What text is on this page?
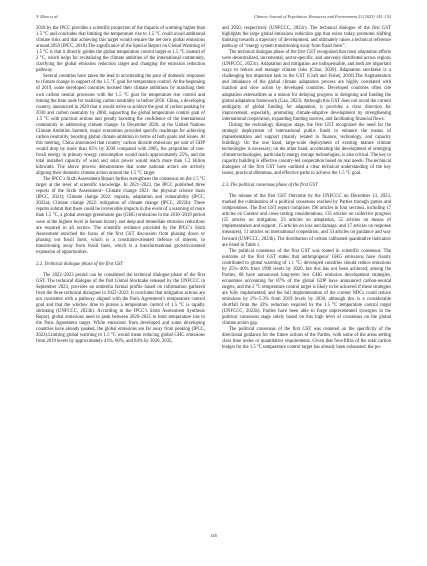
Y. Zhou et al.	Chinese Journal of Population, Resources and Environment 23 (2025) 143–152

2018 by the IPCC provides a scientific projection of the impacts of warming higher than 1.5 °C and concludes that limiting the temperature rise to 1.5 °C could avoid additional climate risks and that achieving this target would require the net-zero global emissions around 2050 (IPCC, 2018).The significance of the Special Report on Global Warming of 1.5 °C is that it directly guides the global temperature control target to 1.5 °C instead of 2 °C, which helps for revitalizing the climate ambition of the international community, clarifying the global emission reduction target and changing the emission reduction pathway.

Several countries have taken the lead in accelerating the pace of domestic responses to climate change in support of the 1.5 °C goal for temperature control. At the beginning of 2019, some developed countries boosted their climate ambitions by matching their own carbon neutral processes with the 1.5 °C goal for temperature rise control and mining the time node for realizing carbon neutrality to before 2050. China, a developing country, announced in 2020 that it would strive to achieve the goal of carbon peaking by 2030 and carbon neutrality by 2060, supporting the global temperature control goal of 1.5 °C with practical actions and greatly boosting the confidence of the international community in addressing climate change. In December 2020, at the United Nations Climate Ambition Summit, major economies provided specific roadmaps for achieving carbon neutrality, boosting global climate ambition in terms of both goals and issues. At this meeting, China announced that country’ carbon dioxide emissions per unit of GDP would drop by more than 65% by 2030 compared with 2005, the proportion of non-fossil energy in primary energy consumption would reach approximately 25%, and the total installed capacity of wind and solar power would reach more than 1.2 billion kilowatts. The above process demonstrates that some national actors are actively aligning their domestic climate action around the 1.5 °C target.

The IPCC’s Sixth Assessment Report further strengthens the consensus on the 1.5 °C target at the level of scientific knowledge. In 2021–2022, the IPCC published three reports of the Sixth Assessment—Climate change 2021: the physical science basis (IPCC, 2021); Climate change 2022: impacts, adaptation and vulnerability (IPCC, 2022a); Climate change 2022: mitigation of climate change (IPCC, 2022b). These reports submit that there could be irreversible impacts in the event of a warming of more than 1.5 °C, a global average greenhouse gas (GHG) emissions in the 2010–2019 period were at the highest level in human history and deep and immediate emission reductions are required in all sectors. The scientific evidence provided by the IPCC’s Sixth Assessment enriched the focus of the first GST discussion from phasing down or phasing out fossil fuels, which is a constraint-oriented defence of interest, to transitioning away from fossil fuels, which is a transformational growth-oriented expansion of opportunities.

2.2. Technical dialogue phase of the first GST

The 2022–2023 period can be considered the technical dialogue phase of the first GST. The technical dialogue of the first Global Stocktake released by the UNFCCC in September 2023, provides an umbrella factual profile based on information gathered from the three technical dialogues in 2022–2023. It concludes that mitigation actions are not consistent with a pathway aligned with the Paris Agreement’s temperature control goal and that the window time to pursue a temperature control of 1.5 °C is rapidly shrinking (UNFCCC, 2023b). According to the IPCC’s Sixth Assessment Synthesis Report, global emissions need to peak between 2020–2025 to limit temperature rise to the Paris Agreement target. While emissions from developed and some developing countries have already peaked, the global emissions are far away from peaking (IPCC, 2023).Limiting global warming to 1.5 °C would mean reducing global GHG emissions from 2019 levels by approximately 43%, 60%, and 84% by 2030, 2035,

and 2050, respectively (UNFCCC, 2023c). The technical dialogue of the first GST highlights the large global emissions reduction gap that exists today, promotes shifting thinking towards a trajectory of development, and ultimately raises a technical reference pathway of “energy system transitioning away from fossil fuels”.

The technical dialogue phase of the first GST recognized that most adaptation efforts were decentralized, incremental, sector-specific, and unevenly distributed across regions (UNFCCC, 2023c). Adaptation and mitigation are indispensable, and both are important ways to reduce and manage climate risks (Chao, 2020). Adaptation stocktake is a challenging but important task in the GST (Craft and Fisher, 2018).The fragmentation and imbalance of the global climate adaptation process are highly correlated with inaction and slow action by developed countries. Developed countries often cite adaptation externalities as a reason for delaying progress in designing and funding the global adaptation framework (Gao, 2023). Although this GST does not avoid the current ambiguity of global funding for adaptation, it provides a clear direction for improvement, especially, promoting climate-adaptive development by strengthening international cooperation, expanding funding sources, and facilitating financial flows.

During the technology dialogue stage, the first GST recognized the need for the strategic deployment of international public funds to enhance the means of implementation and support (mainly related to finance, technology, and capacity building). On the one hand, large-scale deployment of existing mature climate technologies is necessary; on the other hand, accelerating the development of emerging climate technologies, particularly energy storage technologies, is also critical. The key to capacity building is effective country-led cooperation based on real needs. The technical dialogues of the first GST have outlined a clear technical understanding of the key issues, practical dilemmas, and effective paths to achieve the 1.5 °C goal.

2.3. The political consensus phase of the first GST

The release of the first GST Outcome by the UNFCCC on December 13, 2023, marked the culmination of a political consensus reached by Parties through games and compromises. The first GST report comprises 196 articles in four sections, including 17 articles on Context and cross-cutting considerations, 135 articles on collective progress (25 articles on mitigation, 23 articles on adaptation, 55 articles on means of implementation and support, 15 articles on loss and damage, and 17 articles on response measures), 11 articles on international cooperation, and 33 articles on guidance and way forward (UNFCCC, 2023b). The distribution of certain calibrated quantitative indicators are listed in Table 1.

The political consensus of the first GST was rooted in scientific consensus. The outcome of the first GST states that anthropogenic GHG emissions have clearly contributed to global warming of 1.1 °C; developed countries should reduce emissions by 25%–40% from 1990 levels by 2020, but this has not been achieved; among the Parties, 68 have announced long-term low GHG emission development strategies, economies accounting for 87% of the global GDP have announced carbon-neutral targets, and the 2 °C temperature control target is likely to be achieved if these strategies are fully implemented; and the full implementation of the current NDCs could reduce emissions by 2%–5.3% from 2019 levels by 2030, although this is a considerable shortfall from the 43% reduction required by the 1.5 °C temperature control target (UNFCCC, 2023b). Parties have been able to forge unprecedented synergies in the political consensus stage solely based on this high level of consensus on the global climate action gap.

The political consensus of the first GST was centered on the specificity of the directional guidance for the future actions of the Parties, with some of the areas setting clear time nodes or quantitative requirements. Given that four-fifths of the total carbon budget for the 1.5 °C temperature control target has already been exhausted, the po-

145
